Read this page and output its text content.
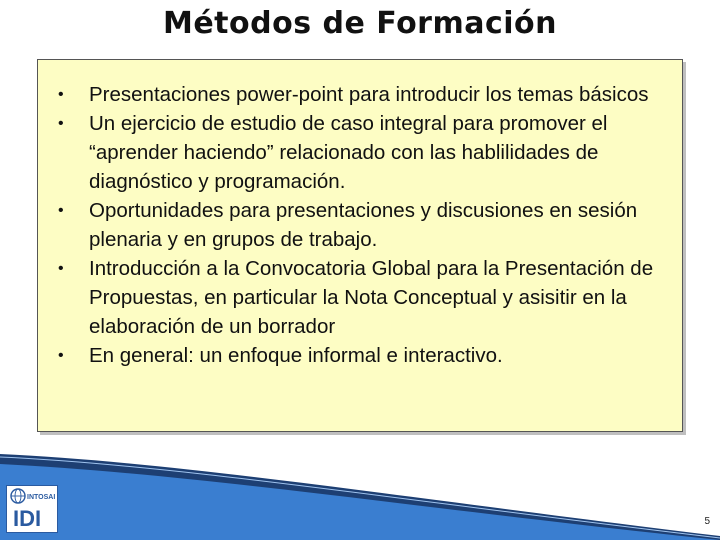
Métodos de Formación
• Presentaciones power-point para introducir los temas básicos
• Un ejercicio de estudio de caso integral para promover el “aprender haciendo” relacionado con las hablilidades de diagnóstico y programación.
• Oportunidades para presentaciones y discusiones en sesión plenaria y en grupos de trabajo.
• Introducción a la Convocatoria Global para la Presentación de Propuestas, en particular la Nota Conceptual y asisitir en la elaboración de un borrador
• En general: un enfoque informal e interactivo.
INTOSAI
IDI	5
